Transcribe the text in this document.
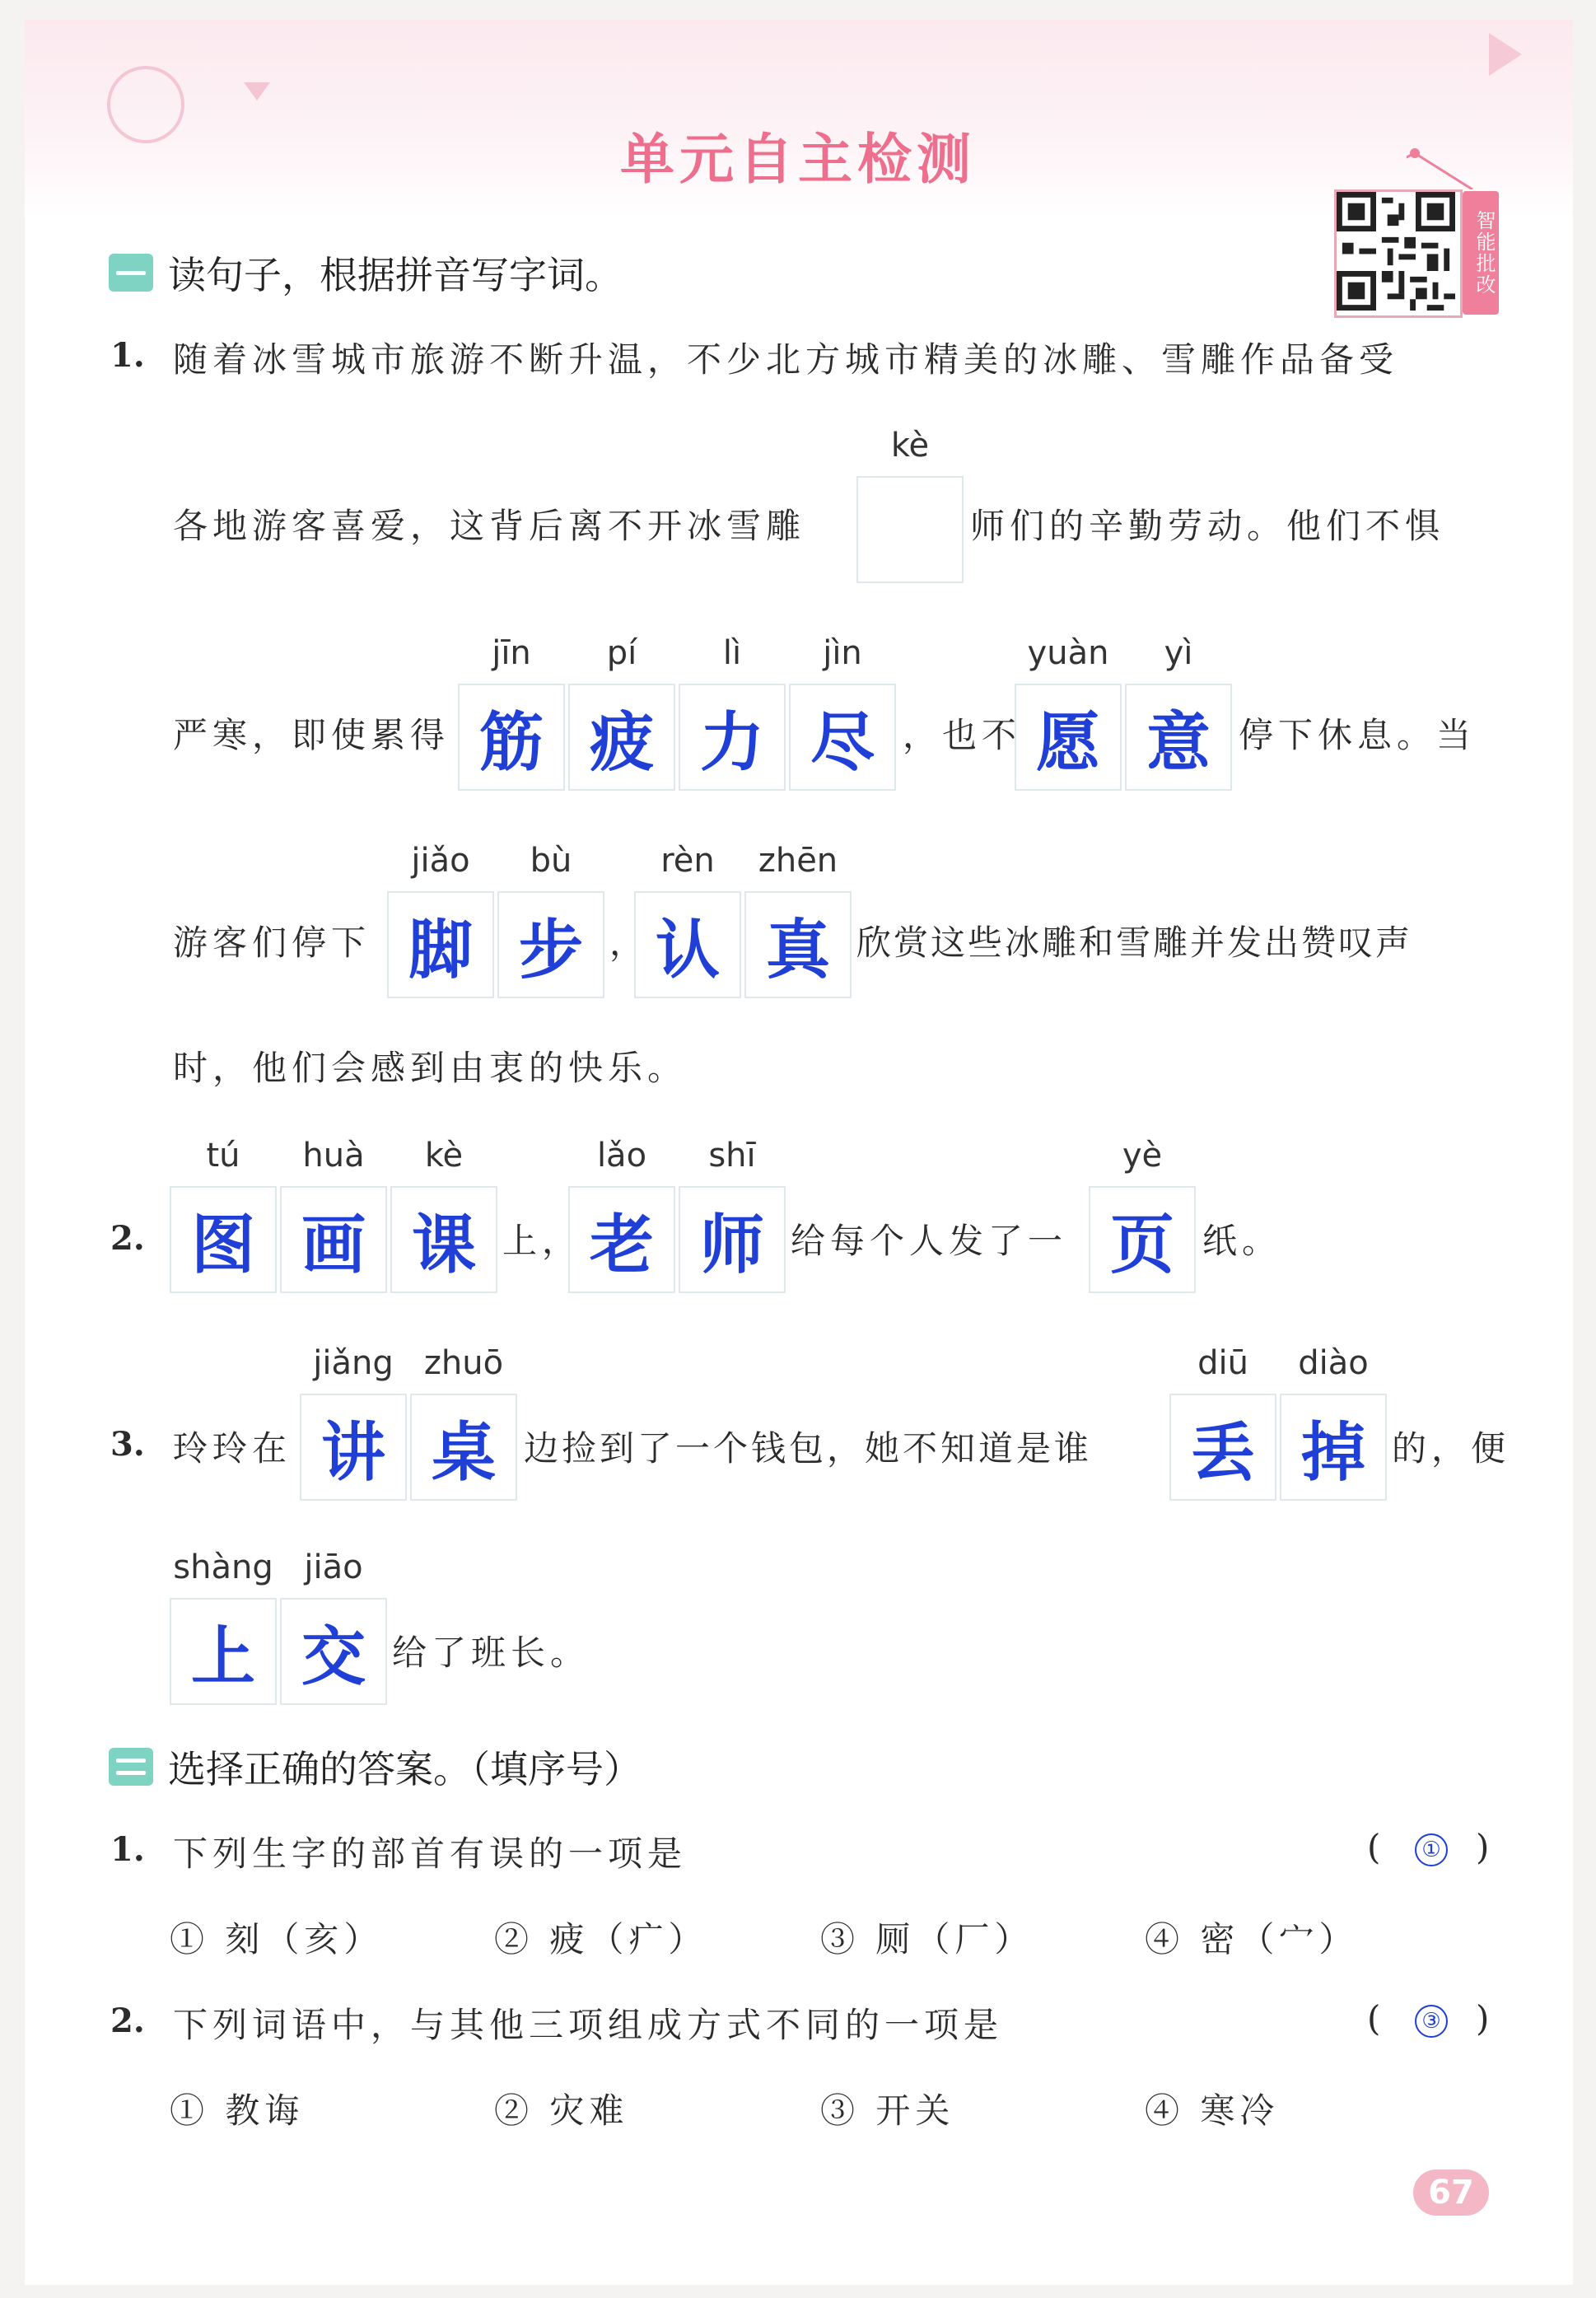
单元自主检测
智能批改
读句子，根据拼音写字词。
1. 随着冰雪城市旅游不断升温，不少北方城市精美的冰雕、雪雕作品备受
各地游客喜爱，这背后离不开冰雪雕
kè
师们的辛勤劳动。他们不惧
严寒，即使累得
jīn	pí	lì	jìn
筋 疲 力 尽 ，也不
yuàn	yì
愿 意 停下休息。当
游客们停下
jiǎo	bù
脚 步 ，
rèn	zhēn
认 真 欣赏这些冰雕和雪雕并发出赞叹声
时，他们会感到由衷的快乐。
2.
tú	huà	kè
图 画 课 上，
lǎo	shī
老 师 给每个人发了一
yè
页 纸。
3. 玲玲在
jiǎng zhuō
讲 桌 边捡到了一个钱包，她不知道是谁
diū	diào
丢 掉 的，便
shàng jiāo
上 交 给了班长。
选择正确的答案。（填序号）
1. 下列生字的部首有误的一项是	(	① )
① 刻（亥）	② 疲（疒）	③ 厕（厂）	④ 密（宀）
2. 下列词语中，与其他三项组成方式不同的一项是	(	③ )
① 教诲	② 灾难	③ 开关	④ 寒冷
67
